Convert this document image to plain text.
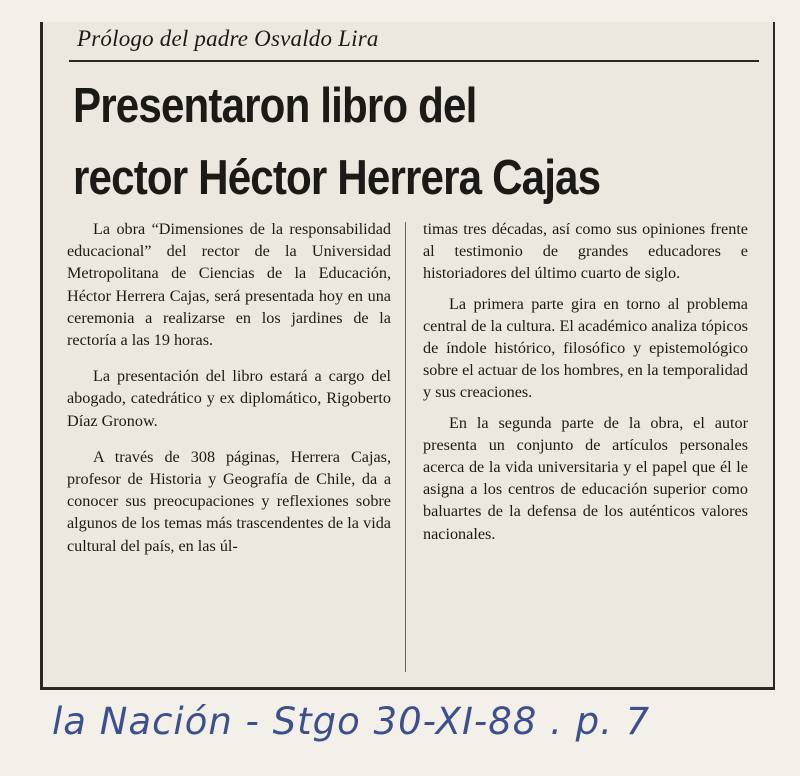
Prólogo del padre Osvaldo Lira
Presentaron libro del
rector Héctor Herrera Cajas

La obra “Dimensiones de la responsabilidad educacional” del rector de la Universidad Metropolitana de Ciencias de la Educación, Héctor Herrera Cajas, será presentada hoy en una ceremonia a realizarse en los jardines de la rectoría a las 19 horas.

La presentación del libro estará a cargo del abogado, catedrático y ex diplomático, Rigoberto Díaz Gronow.

A través de 308 páginas, Herrera Cajas, profesor de Historia y Geografía de Chile, da a conocer sus preocupaciones y reflexiones sobre algunos de los temas más trascendentes de la vida cultural del país, en las úl-

timas tres décadas, así como sus opiniones frente al testimonio de grandes educadores e historiadores del último cuarto de siglo.

La primera parte gira en torno al problema central de la cultura. El académico analiza tópicos de índole histórico, filosófico y epistemológico sobre el actuar de los hombres, en la temporalidad y sus creaciones.

En la segunda parte de la obra, el autor presenta un conjunto de artículos personales acerca de la vida universitaria y el papel que él le asigna a los centros de educación superior como baluartes de la defensa de los auténticos valores nacionales.

la Nación - Stgo 30-XI-88 . p. 7
